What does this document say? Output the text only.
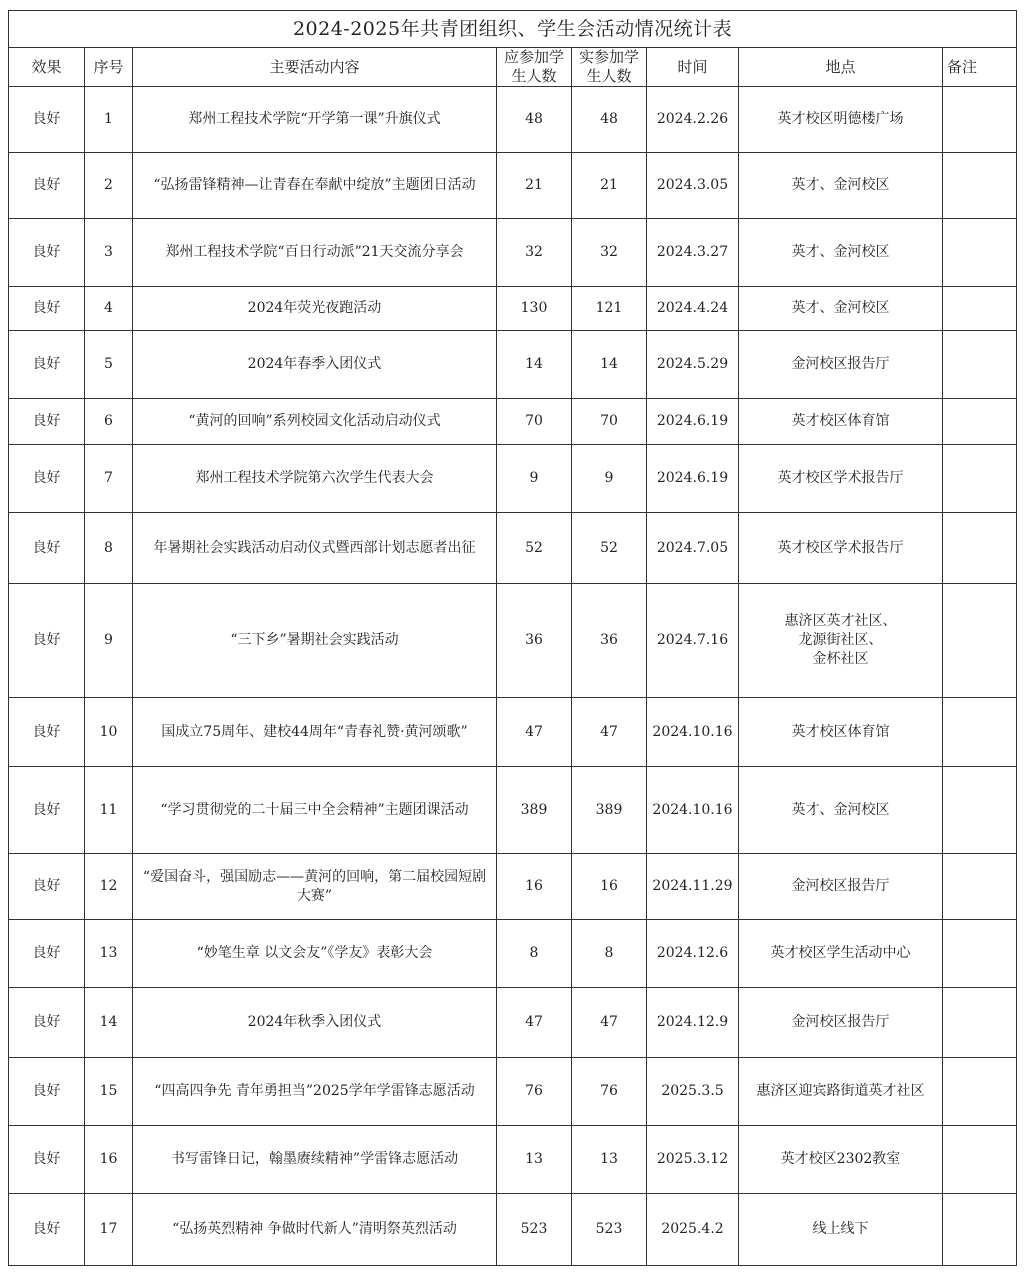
2024-2025年共青团组织、学生会活动情况统计表							
效果	序号	主要活动内容	应参加学生人数	实参加学生人数	时间	地点	备注
良好	1	郑州工程技术学院“开学第一课”升旗仪式	48	48	2024.2.26	英才校区明德楼广场	
良好	2	“弘扬雷锋精神—让青春在奉献中绽放”主题团日活动	21	21	2024.3.05	英才、金河校区	
良好	3	郑州工程技术学院“百日行动派”21天交流分享会	32	32	2024.3.27	英才、金河校区	
良好	4	2024年荧光夜跑活动	130	121	2024.4.24	英才、金河校区	
良好	5	2024年春季入团仪式	14	14	2024.5.29	金河校区报告厅	
良好	6	“黄河的回响”系列校园文化活动启动仪式	70	70	2024.6.19	英才校区体育馆	
良好	7	郑州工程技术学院第六次学生代表大会	9	9	2024.6.19	英才校区学术报告厅	
良好	8	年暑期社会实践活动启动仪式暨西部计划志愿者出征	52	52	2024.7.05	英才校区学术报告厅	
良好	9	“三下乡”暑期社会实践活动	36	36	2024.7.16	惠济区英才社区、
龙源街社区、
金杯社区	
良好	10	国成立75周年、建校44周年“青春礼赞·黄河颂歌”	47	47	2024.10.16	英才校区体育馆	
良好	11	“学习贯彻党的二十届三中全会精神”主题团课活动	389	389	2024.10.16	英才、金河校区	
良好	12	“爱国奋斗，强国励志——黄河的回响，第二届校园短剧大赛”	16	16	2024.11.29	金河校区报告厅	
良好	13	“妙笔生章 以文会友”《学友》表彰大会	8	8	2024.12.6	英才校区学生活动中心	
良好	14	2024年秋季入团仪式	47	47	2024.12.9	金河校区报告厅	
良好	15	“四高四争先 青年勇担当”2025学年学雷锋志愿活动	76	76	2025.3.5	惠济区迎宾路街道英才社区	
良好	16	书写雷锋日记，翰墨赓续精神”学雷锋志愿活动	13	13	2025.3.12	英才校区2302教室	
良好	17	“弘扬英烈精神 争做时代新人”清明祭英烈活动	523	523	2025.4.2	线上线下	
